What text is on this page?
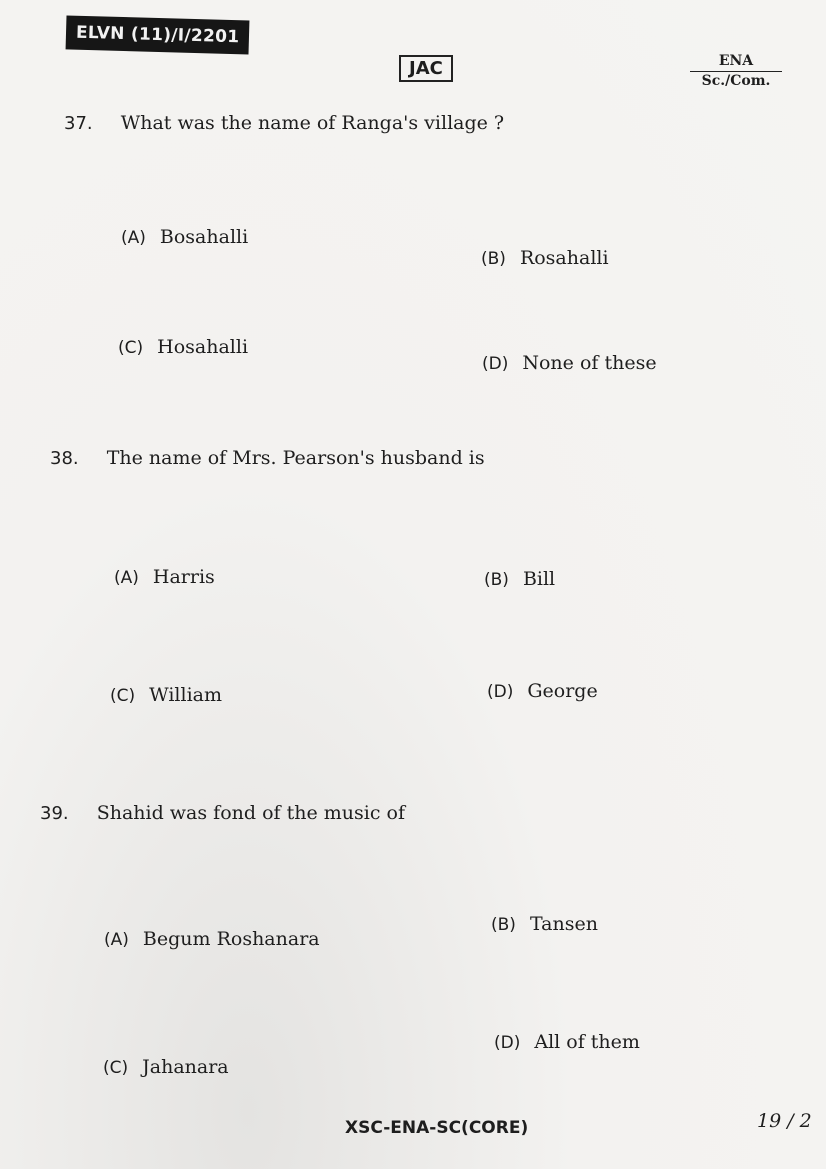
ELVN (11)/I/2201
JAC	ENA
Sc./Com.
37. What was the name of Ranga's village ?
(A) Bosahalli
(B) Rosahalli
(C) Hosahalli
(D) None of these
38. The name of Mrs. Pearson's husband is
(A) Harris	(B) Bill
(C) William	(D) George
39. Shahid was fond of the music of
(A) Begum Roshanara
(B) Tansen
(C) Jahanara
(D) All of them
XSC-ENA-SC(CORE)	19 / 2
